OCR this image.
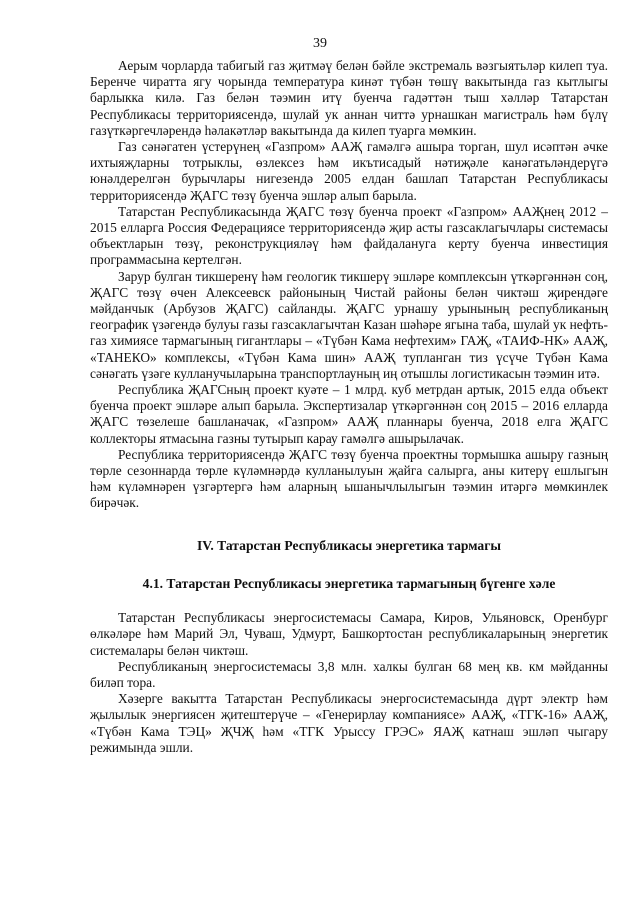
39

Аерым чорларда табигый газ җитмәү белән бәйле экстремаль вәзгыятьләр килеп туа. Беренче чиратта ягу чорында температура кинәт түбән төшү вакытында газ кытлыгы барлыкка килә. Газ белән тәэмин итү буенча гадәттән тыш хәлләр Татарстан Республикасы территориясендә, шулай ук аннан читтә урнашкан магистраль һәм бүлү газүткәргечләрендә һәлакәтләр вакытында да килеп туарга мөмкин.

Газ сәнәгатен үстерүнең «Газпром» ААҖ гамәлгә ашыра торган, шул исәптән әчке ихтыяҗларны тотрыклы, өзлексез һәм икътисадый нәтиҗәле канәгатьләндерүгә юнәлдерелгән бурычлары нигезендә 2005 елдан башлап Татарстан Республикасы территориясендә ҖАГС төзү буенча эшләр алып барыла.

Татарстан Республикасында ҖАГС төзү буенча проект «Газпром» ААҖнең 2012 – 2015 елларга Россия Федерациясе территориясендә җир асты газсаклагычлары системасы объектларын төзү, реконструкцияләү һәм файдалануга керту буенча инвестиция программасына кертелгән.

Зарур булган тикшеренү һәм геологик тикшерү эшләре комплексын үткәргәннән соң, ҖАГС төзү өчен Алексеевск районының Чистай районы белән чиктәш җирендәге мәйданчык (Арбузов ҖАГС) сайланды. ҖАГС урнашу урынының республиканың географик үзәгендә булуы газы газсаклагычтан Казан шәһәре ягына таба, шулай ук нефть-газ химиясе тармагының гигантлары – «Түбән Кама нефтехим» ГАҖ, «ТАИФ-НК» ААҖ, «ТАНЕКО» комплексы, «Түбән Кама шин» ААҖ тупланган тиз үсүче Түбән Кама сәнәгать үзәге кулланучыларына транспортлауның иң отышлы логистикасын тәэмин итә.

Республика ҖАГСның проект куәте – 1 млрд. куб метрдан артык, 2015 елда объект буенча проект эшләре алып барыла. Экспертизалар үткәргәннән соң 2015 – 2016 елларда ҖАГС төзелеше башланачак, «Газпром» ААҖ планнары буенча, 2018 елга ҖАГС коллекторы ятмасына газны тутырып карау гамәлгә ашырылачак.

Республика территориясендә ҖАГС төзү буенча проектны тормышка ашыру газның төрле сезоннарда төрле күләмнәрдә кулланылуын җайга салырга, аны китерү ешлыгын һәм күләмнәрен үзгәртергә һәм аларның ышанычлылыгын тәэмин итәргә мөмкинлек бирәчәк.

IV. Татарстан Республикасы энергетика тармагы
4.1. Татарстан Республикасы энергетика тармагының бүгенге хәле

Татарстан Республикасы энергосистемасы Самара, Киров, Ульяновск, Оренбург өлкәләре һәм Марий Эл, Чуваш, Удмурт, Башкортостан республикаларының энергетик системалары белән чиктәш.

Республиканың энергосистемасы 3,8 млн. халкы булган 68 мең кв. км мәйданны биләп тора.

Хәзерге вакытта Татарстан Республикасы энергосистемасында дүрт электр һәм җылылык энергиясен җитештерүче – «Генерирлау компаниясе» ААҖ, «ТГК-16» ААҖ, «Түбән Кама ТЭЦ» ҖЧҖ һәм «ТГК Урыссу ГРЭС» ЯАҖ катнаш эшләп чыгару режимында эшли.
